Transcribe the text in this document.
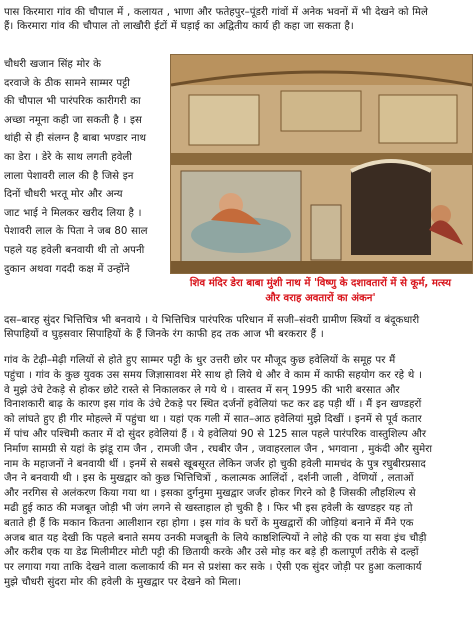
पास किरमारा गांव की चौपाल में , कलायत , भाणा और फतेहपुर–पूंडरी गांवों में अनेक भवनों में भी देखने को मिले
हैं। किरमारा गांव की चौपाल तो लाखौरी ईटों में घड़ाई का अद्वितीय कार्य ही कहा जा सकता है।
चौधरी खजान सिंह मोर के
दरवाजे के ठीक सामने साम्मर पट्टी
की चौपाल भी पारंपरिक कारीगरी का
अच्छा नमूना कही जा सकती है । इस
थांही से ही संलग्न है बाबा भण्डार नाथ
का डेरा । डेरे के साथ लगती हवेली
लाला पेशावरी लाल की है जिसे इन
दिनों चौधरी भरतू मोर और अन्य
जाट भाई ने मिलकर खरीद लिया है ।
पेशावरी लाल के पिता ने जब 80 साल
पहले यह हवेली बनवायी थी तो अपनी
दुकान अथवा गददी कक्ष में उन्होंने
शिव मंदिर डेरा बाबा मुंशी नाथ में 'विष्णु के दशावतारों में से कूर्म, मत्स्य
और वराह अवतारों का अंकन'
दस–बारह सुंदर भित्तिचित्र भी बनवाये । ये भित्तिचित्र पारंपरिक परिधान में सजी–संवरी ग्रामीण स्त्रियों व बंदूकधारी
सिपाहियों व घुड़सवार सिपाहियों के हैं जिनके रंग काफी हद तक आज भी बरकरार हैं ।
गांव के टेढ़ी–मेढ़ी गलियों से होते हुए साम्मर पट्टी के धुर उत्तरी छोर पर मौजूद कुछ हवेलियों के समूह पर मैं
पहुंचा । गांव के कुछ युवक उस समय जिज्ञासावश मेरे साथ हो लिये थे और वे काम में काफी सहयोग कर रहे थे ।
वे मुझे उंचे टेकड़े से होकर छोटे रास्ते से निकालकर ले गये थे । वास्तव में सन् 1995 की भारी बरसात और
विनाशकारी बाढ़ के कारण इस गांव के उंचे टेकड़े पर स्थित दर्जनों हवेलियां फट कर ढह पड़ी थीं । मैं इन खण्डहरों
को लांघते हुए ही गीर मोहल्ले में पहुंचा था । यहां एक गली में सात–आठ हवेलियां मुझे दिखीं । इनमें से पूर्व कतार
में पांच और पश्चिमी कतार में दो सुंदर हवेलियां हैं । ये हवेलियां 90 से 125 साल पहले पारंपरिक वास्तुशिल्प और
निर्माण सामग्री से यहां के झंडू राम जैन , रामजी जैन , रघबीर जैन , जवाहरलाल जैन , भगवाना , मुकंदी और सुमेरा
नाम के महाजनों ने बनवायी थीं । इनमें से सबसे खूबसूरत लेकिन जर्जर हो चुकी हवेली मामचंद के पुत्र रघुबीरप्रसाद
जैन ने बनवायी थी । इस के मुखद्वार को कुछ भित्तिचित्रों , कलात्मक आलिंदों , दर्शनी जाली , वेणियों , लताओं
और नरगिस से अलंकरण किया गया था । इसका दुर्गनुमा मुखद्वार जर्जर होकर गिरने को है जिसकी लौहशिल्प से
मढी हुई काठ की मजबूत जोड़ी भी जंग लगने से खस्ताहाल हो चुकी है । फिर भी इस हवेली के खण्डहर यह तो
बताते ही हैं कि मकान कितना आलीशान रहा होगा । इस गांव के घरों के मुखद्वारों की जोड़ियां बनाने में मैंने एक
अजब बात यह देखी कि पहले बनाते समय उनकी मजबूती के लिये काष्ठशिल्पियों ने लोहे की एक या सवा इंच चौड़ी
और करीब एक या डेढ मिलीमीटर मोटी पट्टी की छितायी करके और उसे मोड़ कर बड़े ही कलापूर्ण तरीके से दल्हों
पर लगाया गया ताकि देखने वाला कलाकार्य की मन से प्रशंसा कर सके । ऐसी एक सुंदर जोड़ी पर हुआ कलाकार्य
मुझे चौधरी सुंदरा मोर की हवेली के मुखद्वार पर देखने को मिला।
